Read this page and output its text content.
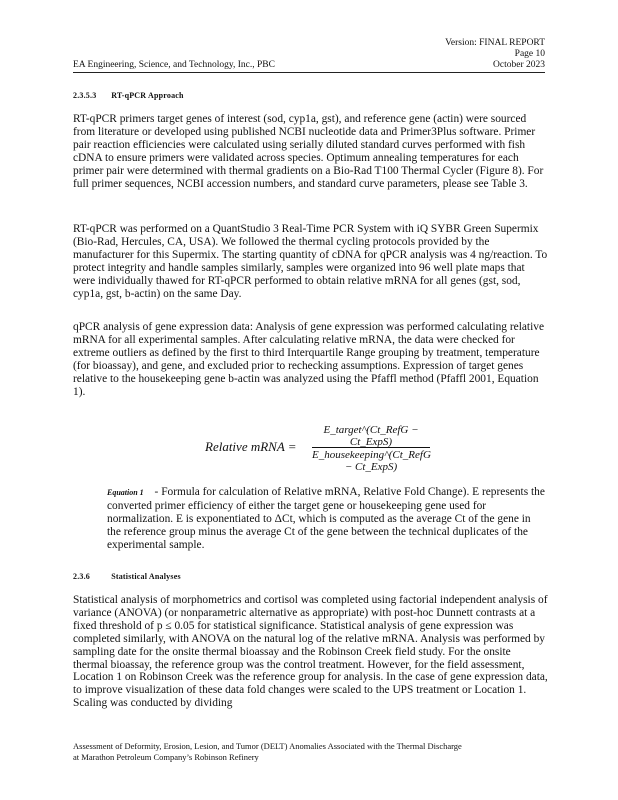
Version: FINAL REPORT
Page 10
EA Engineering, Science, and Technology, Inc., PBC	October 2023
2.3.5.3 RT-qPCR Approach
RT-qPCR primers target genes of interest (sod, cyp1a, gst), and reference gene (actin) were sourced from literature or developed using published NCBI nucleotide data and Primer3Plus software. Primer pair reaction efficiencies were calculated using serially diluted standard curves performed with fish cDNA to ensure primers were validated across species. Optimum annealing temperatures for each primer pair were determined with thermal gradients on a Bio-Rad T100 Thermal Cycler (Figure 8). For full primer sequences, NCBI accession numbers, and standard curve parameters, please see Table 3.
RT-qPCR was performed on a QuantStudio 3 Real-Time PCR System with iQ SYBR Green Supermix (Bio-Rad, Hercules, CA, USA). We followed the thermal cycling protocols provided by the manufacturer for this Supermix. The starting quantity of cDNA for qPCR analysis was 4 ng/reaction. To protect integrity and handle samples similarly, samples were organized into 96 well plate maps that were individually thawed for RT-qPCR performed to obtain relative mRNA for all genes (gst, sod, cyp1a, gst, b-actin) on the same Day.
qPCR analysis of gene expression data: Analysis of gene expression was performed calculating relative mRNA for all experimental samples. After calculating relative mRNA, the data were checked for extreme outliers as defined by the first to third Interquartile Range grouping by treatment, temperature (for bioassay), and gene, and excluded prior to rechecking assumptions. Expression of target genes relative to the housekeeping gene b-actin was analyzed using the Pfaffl method (Pfaffl 2001, Equation 1).
Relative mRNA =
E_target^(Ct_RefG − Ct_ExpS)
E_housekeeping^(Ct_RefG − Ct_ExpS)
Equation 1 - Formula for calculation of Relative mRNA, Relative Fold Change). E represents the converted primer efficiency of either the target gene or housekeeping gene used for normalization. E is exponentiated to ΔCt, which is computed as the average Ct of the gene in the reference group minus the average Ct of the gene between the technical duplicates of the experimental sample.
2.3.6	Statistical Analyses
Statistical analysis of morphometrics and cortisol was completed using factorial independent analysis of variance (ANOVA) (or nonparametric alternative as appropriate) with post-hoc Dunnett contrasts at a fixed threshold of p ≤ 0.05 for statistical significance. Statistical analysis of gene expression was completed similarly, with ANOVA on the natural log of the relative mRNA. Analysis was performed by sampling date for the onsite thermal bioassay and the Robinson Creek field study. For the onsite thermal bioassay, the reference group was the control treatment. However, for the field assessment, Location 1 on Robinson Creek was the reference group for analysis. In the case of gene expression data, to improve visualization of these data fold changes were scaled to the UPS treatment or Location 1. Scaling was conducted by dividing
Assessment of Deformity, Erosion, Lesion, and Tumor (DELT) Anomalies Associated with the Thermal Discharge
at Marathon Petroleum Company’s Robinson Refinery
